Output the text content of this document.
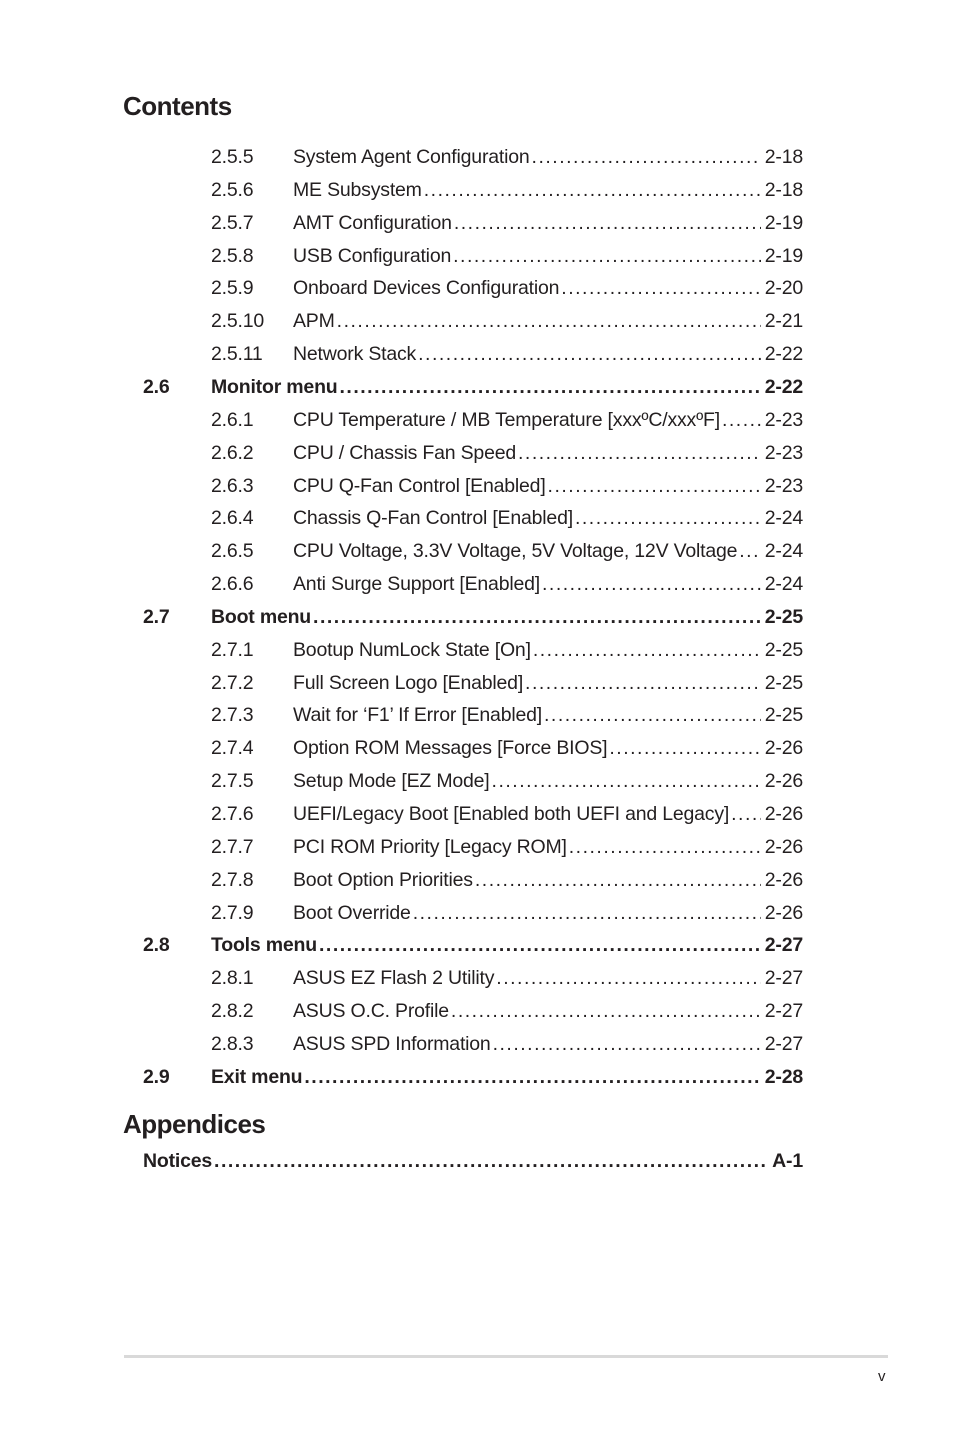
Contents
2.5.5 System Agent Configuration .....	2-18
2.5.6 ME Subsystem .....	2-18
2.5.7 AMT Configuration .....	2-19
2.5.8 USB Configuration .....	2-19
2.5.9 Onboard Devices Configuration .....	2-20
2.5.10 APM .....	2-21
2.5.11 Network Stack .....	2-22
2.6 Monitor menu .....	2-22
2.6.1 CPU Temperature / MB Temperature [xxxºC/xxxºF] ..... 2-23
2.6.2 CPU / Chassis Fan Speed .....	2-23
2.6.3 CPU Q-Fan Control [Enabled] .....	2-23
2.6.4 Chassis Q-Fan Control [Enabled] .....	2-24
2.6.5 CPU Voltage, 3.3V Voltage, 5V Voltage, 12V Voltage ..... 2-24
2.6.6 Anti Surge Support [Enabled] .....	2-24
2.7 Boot menu .....	2-25
2.7.1 Bootup NumLock State [On] .....	2-25
2.7.2 Full Screen Logo [Enabled] .....	2-25
2.7.3 Wait for ‘F1’ If Error [Enabled] .....	2-25
2.7.4 Option ROM Messages [Force BIOS] .....	2-26
2.7.5 Setup Mode [EZ Mode] .....	2-26
2.7.6 UEFI/Legacy Boot [Enabled both UEFI and Legacy] ..... 2-26
2.7.7 PCI ROM Priority [Legacy ROM] .....	2-26
2.7.8 Boot Option Priorities .....	2-26
2.7.9 Boot Override .....	2-26
2.8 Tools menu .....	2-27
2.8.1 ASUS EZ Flash 2 Utility .....	2-27
2.8.2 ASUS O.C. Profile .....	2-27
2.8.3 ASUS SPD Information .....	2-27
2.9 Exit menu .....	2-28
Appendices
Notices .....	A-1
v
